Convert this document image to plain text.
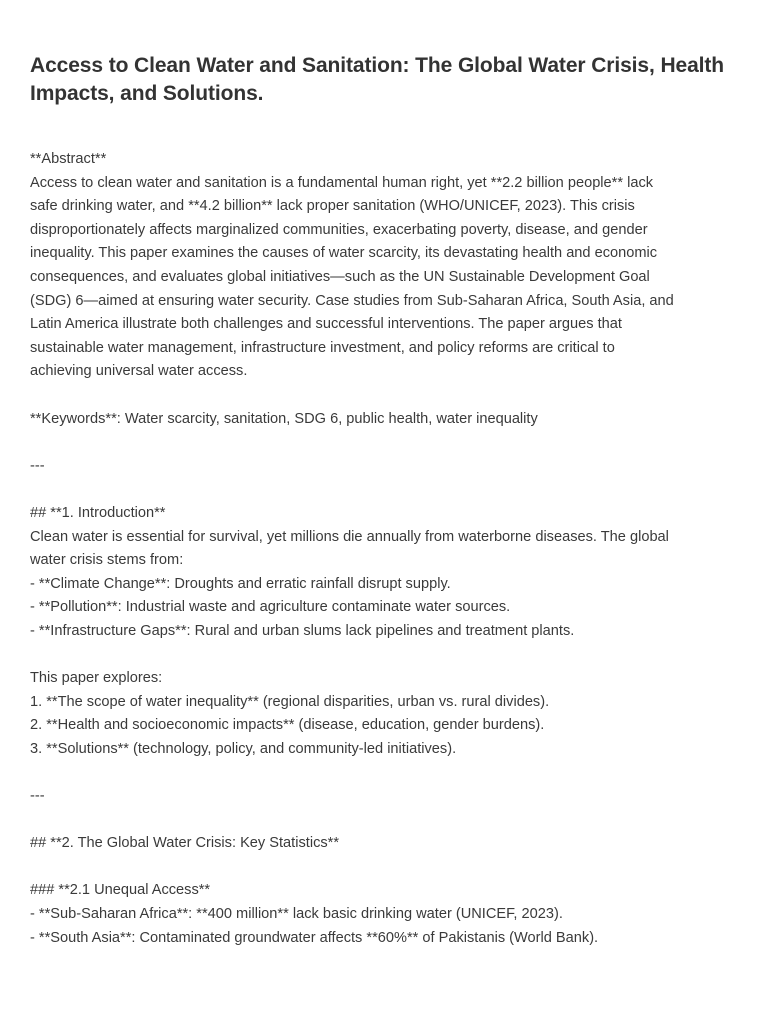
Access to Clean Water and Sanitation: The Global Water Crisis, Health
Impacts, and Solutions.
**Abstract**
Access to clean water and sanitation is a fundamental human right, yet **2.2 billion people** lack
safe drinking water, and **4.2 billion** lack proper sanitation (WHO/UNICEF, 2023). This crisis
disproportionately affects marginalized communities, exacerbating poverty, disease, and gender
inequality. This paper examines the causes of water scarcity, its devastating health and economic
consequences, and evaluates global initiatives—such as the UN Sustainable Development Goal
(SDG) 6—aimed at ensuring water security. Case studies from Sub-Saharan Africa, South Asia, and
Latin America illustrate both challenges and successful interventions. The paper argues that
sustainable water management, infrastructure investment, and policy reforms are critical to
achieving universal water access.
**Keywords**: Water scarcity, sanitation, SDG 6, public health, water inequality
---
## **1. Introduction**
Clean water is essential for survival, yet millions die annually from waterborne diseases. The global
water crisis stems from:
- **Climate Change**: Droughts and erratic rainfall disrupt supply.
- **Pollution**: Industrial waste and agriculture contaminate water sources.
- **Infrastructure Gaps**: Rural and urban slums lack pipelines and treatment plants.
This paper explores:
1. **The scope of water inequality** (regional disparities, urban vs. rural divides).
2. **Health and socioeconomic impacts** (disease, education, gender burdens).
3. **Solutions** (technology, policy, and community-led initiatives).
---
## **2. The Global Water Crisis: Key Statistics**
### **2.1 Unequal Access**
- **Sub-Saharan Africa**: **400 million** lack basic drinking water (UNICEF, 2023).
- **South Asia**: Contaminated groundwater affects **60%** of Pakistanis (World Bank).
